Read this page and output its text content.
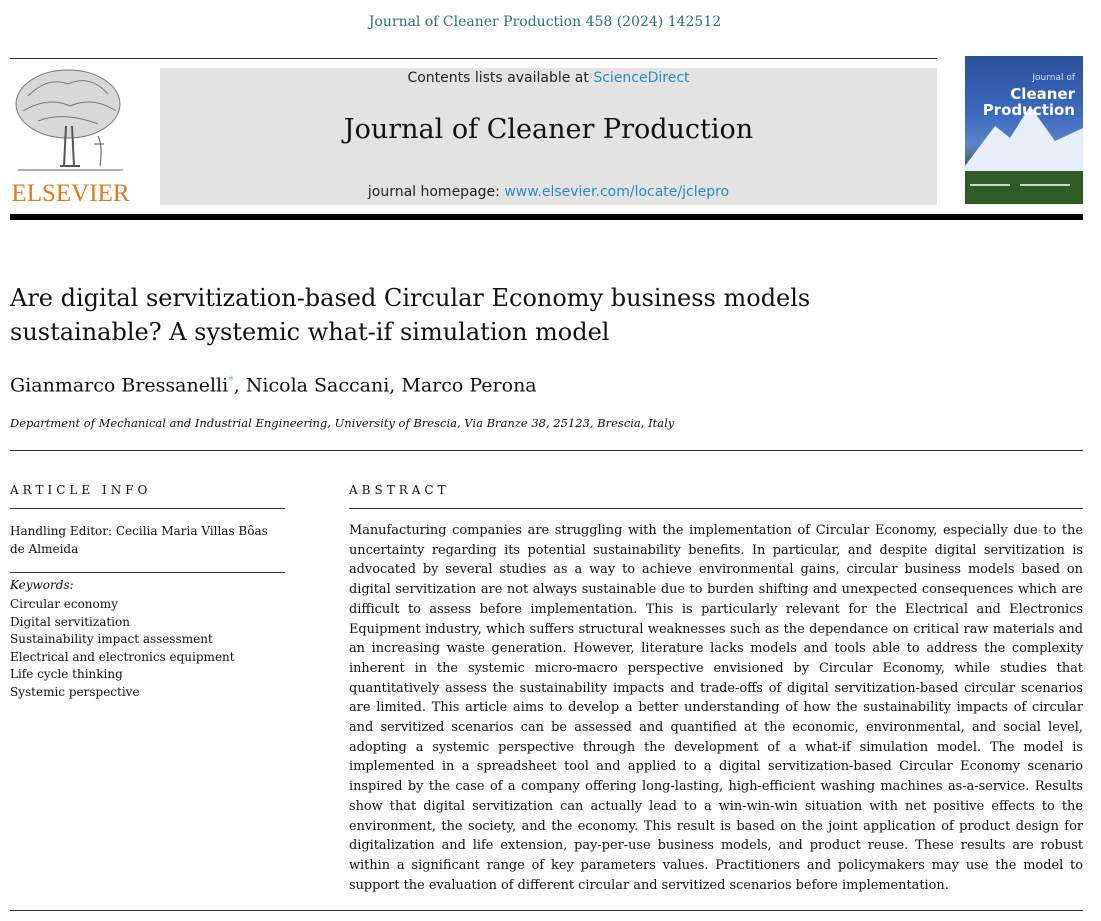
Journal of Cleaner Production 458 (2024) 142512
ELSEVIER
Contents lists available at ScienceDirect
Journal of Cleaner Production
journal homepage: www.elsevier.com/locate/jclepro
Journal of
Cleaner
Production
Are digital servitization-based Circular Economy business models
sustainable? A systemic what-if simulation model
Gianmarco Bressanelli*, Nicola Saccani, Marco Perona
Department of Mechanical and Industrial Engineering, University of Brescia, Via Branze 38, 25123, Brescia, Italy
ARTICLE INFO	ABSTRACT
Handling Editor: Cecilia Maria Villas Bôas de Almeida
Keywords:
Circular economy
Digital servitization
Sustainability impact assessment
Electrical and electronics equipment
Life cycle thinking
Systemic perspective
Manufacturing companies are struggling with the implementation of Circular Economy, especially due to the uncertainty regarding its potential sustainability benefits. In particular, and despite digital servitization is advocated by several studies as a way to achieve environmental gains, circular business models based on digital servitization are not always sustainable due to burden shifting and unexpected consequences which are difficult to assess before implementation. This is particularly relevant for the Electrical and Electronics Equipment industry, which suffers structural weaknesses such as the dependance on critical raw materials and an increasing waste generation. However, literature lacks models and tools able to address the complexity inherent in the systemic micro-macro perspective envisioned by Circular Economy, while studies that quantitatively assess the sustainability impacts and trade-offs of digital servitization-based circular scenarios are limited. This article aims to develop a better understanding of how the sustainability impacts of circular and servitized scenarios can be assessed and quantified at the economic, environmental, and social level, adopting a systemic perspective through the development of a what-if simulation model. The model is implemented in a spreadsheet tool and applied to a digital servitization-based Circular Economy scenario inspired by the case of a company offering long-lasting, high-efficient washing machines as-a-service. Results show that digital servitization can actually lead to a win-win-win situation with net positive effects to the environment, the society, and the economy. This result is based on the joint application of product design for digitalization and life extension, pay-per-use business models, and product reuse. These results are robust within a significant range of key parameters values. Practitioners and policymakers may use the model to support the evaluation of different circular and servitized scenarios before implementation.
